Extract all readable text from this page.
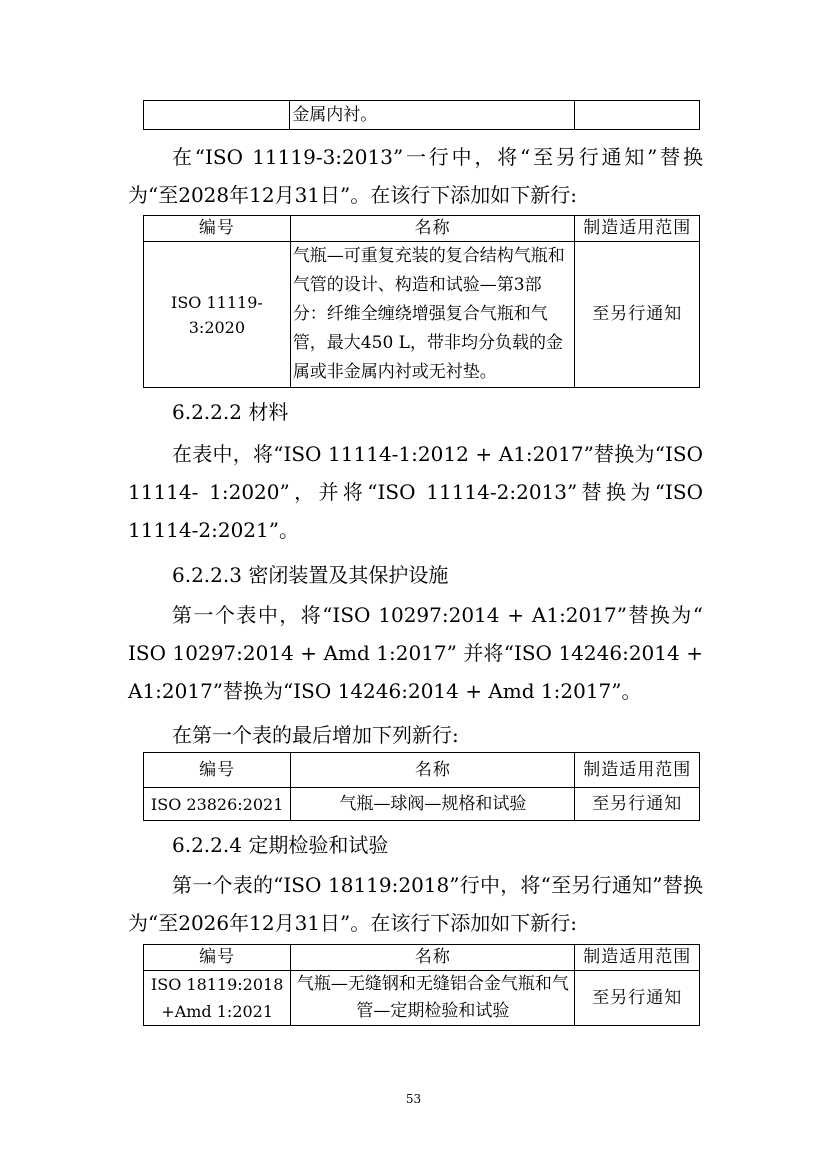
	金属内衬。	

在“ISO 11119-3:2013”一行中，将“至另行通知”替换为“至2028年12月31日”。在该行下添加如下新行:

编号	名称	制造适用范围
ISO 11119-3:2020	气瓶—可重复充装的复合结构气瓶和气管的设计、构造和试验—第3部分：纤维全缠绕增强复合气瓶和气管，最大450 L，带非均分负载的金属或非金属内衬或无衬垫。	至另行通知

6.2.2.2 材料

在表中，将“ISO 11114-1:2012 + A1:2017”替换为“ISO 11114- 1:2020”，并将“ISO 11114-2:2013”替换为“ISO 11114-2:2021”。

6.2.2.3 密闭装置及其保护设施

第一个表中，将“ISO 10297:2014 + A1:2017”替换为“ ISO 10297:2014 + Amd 1:2017” 并将“ISO 14246:2014 + A1:2017”替换为“ISO 14246:2014 + Amd 1:2017”。

在第一个表的最后增加下列新行:

编号	名称	制造适用范围
ISO 23826:2021	气瓶—球阀—规格和试验	至另行通知

6.2.2.4 定期检验和试验

第一个表的“ISO 18119:2018”行中，将“至另行通知”替换为“至2026年12月31日”。在该行下添加如下新行:

编号	名称	制造适用范围
ISO 18119:2018 +Amd 1:2021	气瓶—无缝钢和无缝铝合金气瓶和气管—定期检验和试验	至另行通知
53
